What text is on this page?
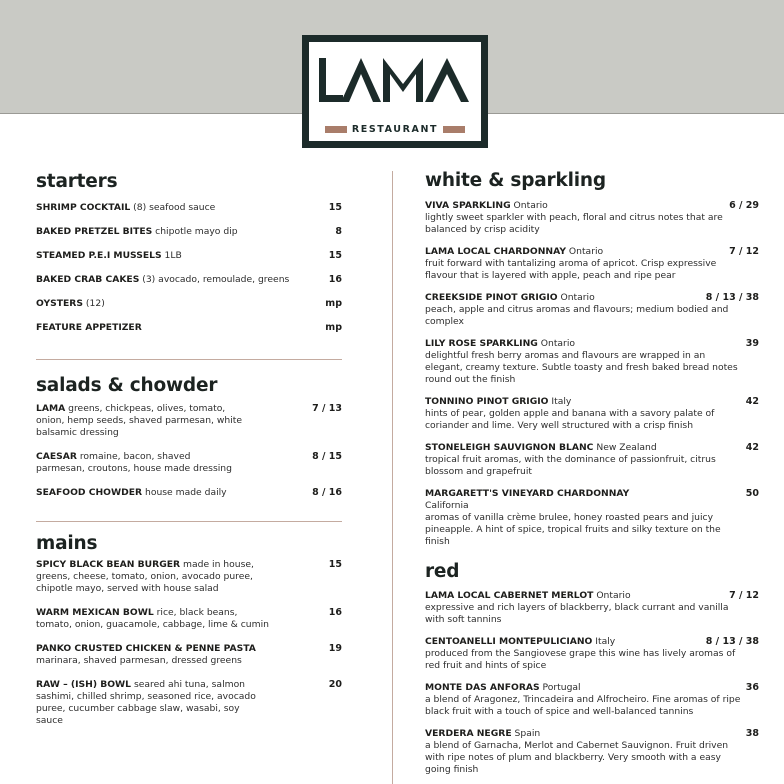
RESTAURANT
starters
SHRIMP COCKTAIL (8) seafood sauce	15
BAKED PRETZEL BITES chipotle mayo dip	8
STEAMED P.E.I MUSSELS 1LB	15
BAKED CRAB CAKES (3) avocado, remoulade, greens	16
OYSTERS (12)	mp
FEATURE APPETIZER	mp
salads & chowder
LAMA greens, chickpeas, olives, tomato, onion, hemp seeds, shaved parmesan, white balsamic dressing
7 / 13
CAESAR romaine, bacon, shaved parmesan, croutons, house made dressing
8 / 15
SEAFOOD CHOWDER house made daily	8 / 16
mains
SPICY BLACK BEAN BURGER made in house, greens, cheese, tomato, onion, avocado puree, chipotle mayo, served with house salad
15
WARM MEXICAN BOWL rice, black beans, tomato, onion, guacamole, cabbage, lime & cumin
16
PANKO CRUSTED CHICKEN & PENNE PASTA marinara, shaved parmesan, dressed greens
19
RAW – (ISH) BOWL seared ahi tuna, salmon sashimi, chilled shrimp, seasoned rice, avocado puree, cucumber cabbage slaw, wasabi, soy sauce
20
white & sparkling
VIVA SPARKLING Ontario
lightly sweet sparkler with peach, floral and citrus notes that are balanced by crisp acidity
6 / 29
LAMA LOCAL CHARDONNAY Ontario
fruit forward with tantalizing aroma of apricot. Crisp expressive flavour that is layered with apple, peach and ripe pear
7 / 12
CREEKSIDE PINOT GRIGIO Ontario
peach, apple and citrus aromas and flavours; medium bodied and complex
8 / 13 / 38
LILY ROSE SPARKLING Ontario
delightful fresh berry aromas and flavours are wrapped in an elegant, creamy texture. Subtle toasty and fresh baked bread notes round out the finish
39
TONNINO PINOT GRIGIO Italy
hints of pear, golden apple and banana with a savory palate of coriander and lime. Very well structured with a crisp finish
42
STONELEIGH SAUVIGNON BLANC New Zealand
tropical fruit aromas, with the dominance of passionfruit, citrus blossom and grapefruit
42
MARGARETT'S VINEYARD CHARDONNAY California
aromas of vanilla crème brulee, honey roasted pears and juicy pineapple. A hint of spice, tropical fruits and silky texture on the finish
50
red
LAMA LOCAL CABERNET MERLOT Ontario
expressive and rich layers of blackberry, black currant and vanilla with soft tannins
7 / 12
CENTOANELLI MONTEPULICIANO Italy
produced from the Sangiovese grape this wine has lively aromas of red fruit and hints of spice
8 / 13 / 38
MONTE DAS ANFORAS Portugal
a blend of Aragonez, Trincadeira and Alfrocheiro. Fine aromas of ripe black fruit with a touch of spice and well-balanced tannins
36
VERDERA NEGRE Spain
a blend of Garnacha, Merlot and Cabernet Sauvignon. Fruit driven with ripe notes of plum and blackberry. Very smooth with a easy going finish
38
